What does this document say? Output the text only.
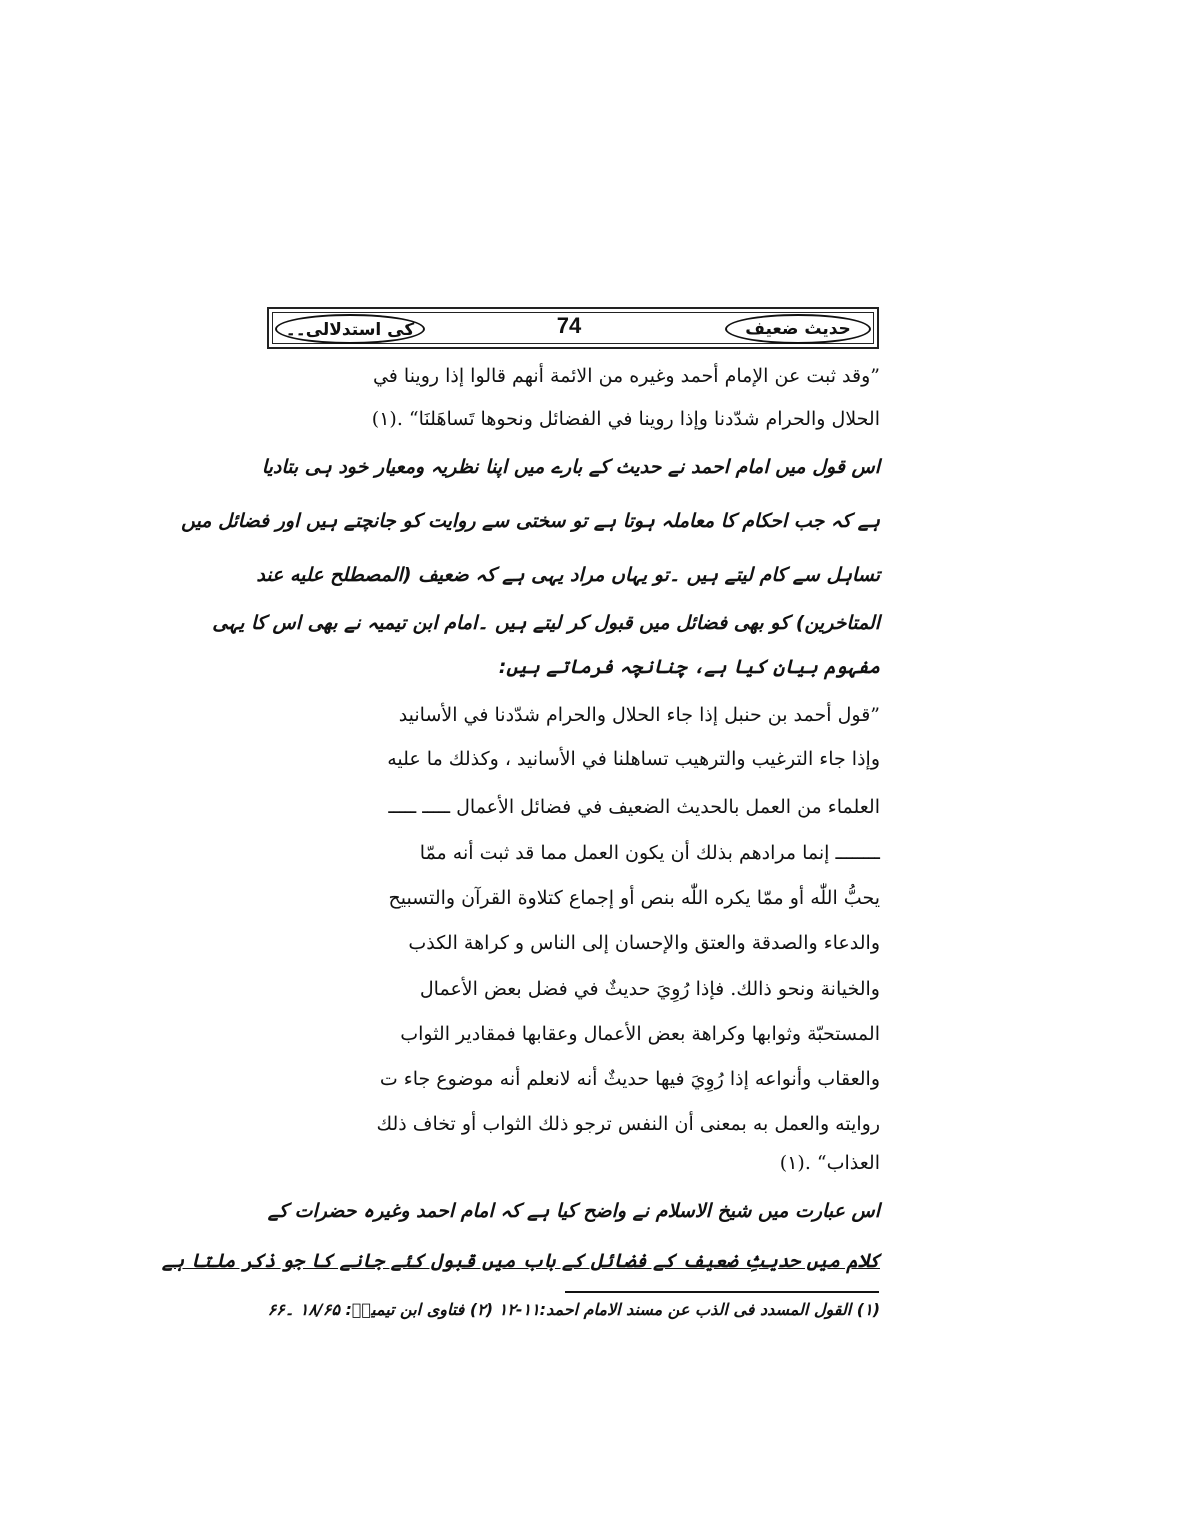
حدیث ضعیف
74
کی استدلالی۔۔
”وقد ثبت عن الإمام أحمد وغيره من الائمة أنهم قالوا إذا روينا في
الحلال والحرام شدّدنا وإذا روينا في الفضائل ونحوها تَساهَلنَا“ .(١)
اس قول میں امام احمد نے حدیث کے بارے میں اپنا نظریہ ومعیار خود ہی بتادیا
ہے کہ جب احکام کا معاملہ ہوتا ہے تو سختی سے روایت کو جانچتے ہیں اور فضائل میں
تساہل سے کام لیتے ہیں ۔تو یہاں مراد یہی ہے کہ ضعیف (المصطلح عليه عند
المتاخرین) کو بھی فضائل میں قبول کر لیتے ہیں ۔امام ابن تیمیہ نے بھی اس کا یہی
مفہوم بیان کیا ہے، چنانچہ فرماتے ہیں:
”قول أحمد بن حنبل إذا جاء الحلال والحرام شدّدنا في الأسانيد
وإذا جاء الترغيب والترهيب تساهلنا في الأسانيد ، وكذلك ما عليه
العلماء من العمل بالحديث الضعيف في فضائل الأعمال ـــــ ـــــ
ــــــــ إنما مرادهم بذلك أن يكون العمل مما قد ثبت أنه ممّا
يحبُّ اللّٰه أو ممّا يكره اللّٰه بنص أو إجماع كتلاوة القرآن والتسبيح
والدعاء والصدقة والعتق والإحسان إلى الناس و كراهة الكذب
والخيانة ونحو ذالك. فإذا رُوِيَ حديثٌ في فضل بعض الأعمال
المستحبّة وثوابها وكراهة بعض الأعمال وعقابها فمقادير الثواب
والعقاب وأنواعه إذا رُوِيَ فيها حديثٌ أنه لانعلم أنه موضوع جاء ت
روايته والعمل به بمعنى أن النفس ترجو ذلك الثواب أو تخاف ذلك
العذاب“ .(١)
اس عبارت میں شیخ الاسلام نے واضح کیا ہے کہ امام احمد وغیرہ حضرات کے
کلام میں حدیثِ ضعیف کے فضائل کے باب میں قبول کئے جانے کا جو ذکر ملتا ہے
(۱) القول المسدد فی الذب عن مسند الامام احمد:۱۱-۱۲ (۲) فتاوی ابن تیمیہؒ: ۱۸/۶۵ ۔۶۶
